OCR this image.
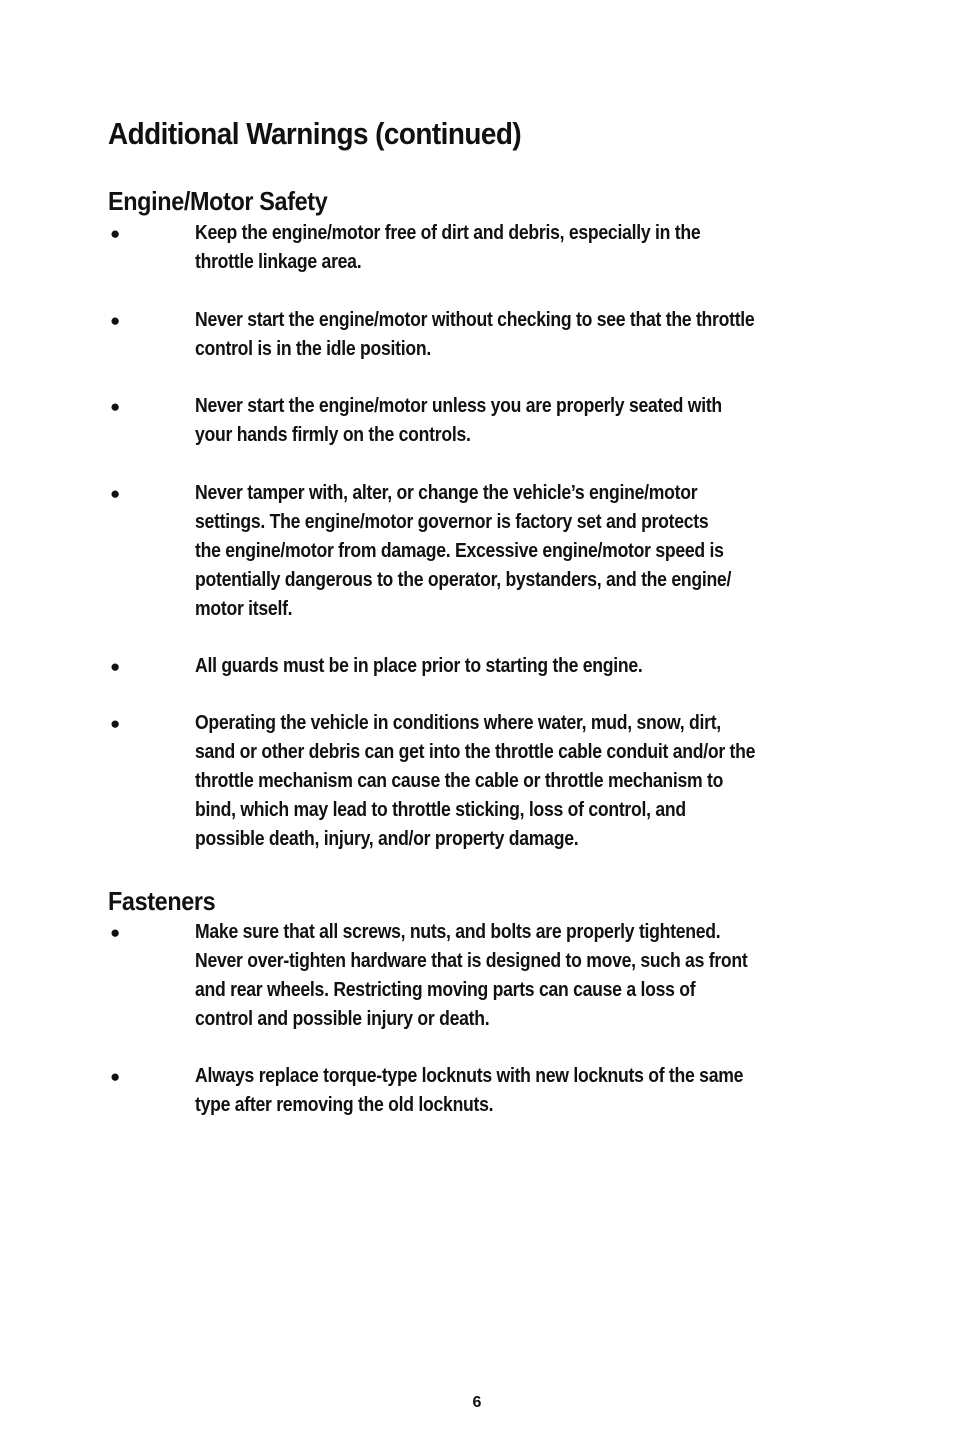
Additional Warnings (continued)
Engine/Motor Safety
●	Keep the engine/motor free of dirt and debris, especially in the
throttle linkage area.
●	Never start the engine/motor without checking to see that the throttle
control is in the idle position.
●	Never start the engine/motor unless you are properly seated with
your hands firmly on the controls.
●	Never tamper with, alter, or change the vehicle’s engine/motor
settings. The engine/motor governor is factory set and protects
the engine/motor from damage. Excessive engine/motor speed is
potentially dangerous to the operator, bystanders, and the engine/
motor itself.
●	All guards must be in place prior to starting the engine.
●	Operating the vehicle in conditions where water, mud, snow, dirt,
sand or other debris can get into the throttle cable conduit and/or the
throttle mechanism can cause the cable or throttle mechanism to
bind, which may lead to throttle sticking, loss of control, and
possible death, injury, and/or property damage.
Fasteners
●	Make sure that all screws, nuts, and bolts are properly tightened.
Never over-tighten hardware that is designed to move, such as front
and rear wheels. Restricting moving parts can cause a loss of
control and possible injury or death.
●	Always replace torque-type locknuts with new locknuts of the same
type after removing the old locknuts.
6
